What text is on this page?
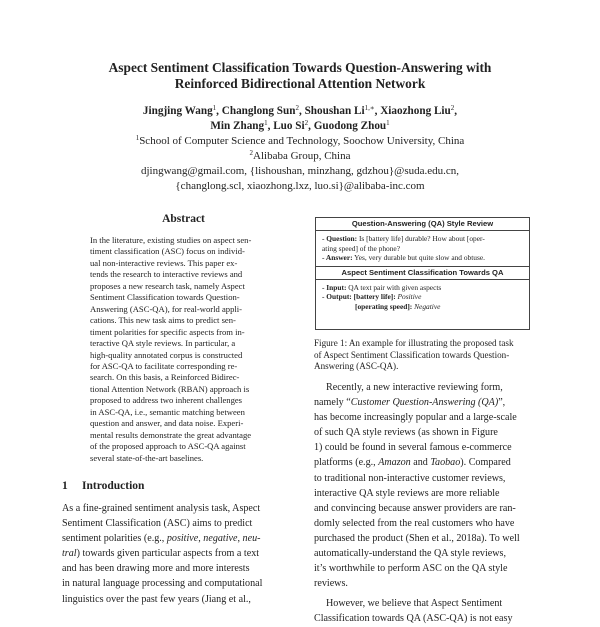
Aspect Sentiment Classification Towards Question-Answering with
Reinforced Bidirectional Attention Network
Jingjing Wang$^1$, Changlong Sun$^2$, Shoushan $Li^{1,∗}$, Xiaozhong Liu$^2$,
Min Zhang$^1$, Luo Si$^2$, Guodong Zhou$^1$
$^1$School of Computer Science and Technology, Soochow University, China
$^2$Alibaba Group, China
djingwang@gmail.com, {lishoushan, minzhang, gdzhou}@suda.edu.cn,
{changlong.scl, xiaozhong.lxz, luo.si}@alibaba-inc.com
Abstract
In the literature, existing studies on aspect sen-
timent classification (ASC) focus on individ-
ual non-interactive reviews. This paper ex-
tends the research to interactive reviews and
proposes a new research task, namely Aspect
Sentiment Classification towards Question-
Answering (ASC-QA), for real-world appli-
cations. This new task aims to predict sen-
timent polarities for specific aspects from in-
teractive QA style reviews. In particular, a
high-quality annotated corpus is constructed
for ASC-QA to facilitate corresponding re-
search. On this basis, a Reinforced Bidirec-
tional Attention Network (RBAN) approach is
proposed to address two inherent challenges
in ASC-QA, i.e., semantic matching between
question and answer, and data noise. Experi-
mental results demonstrate the great advantage
of the proposed approach to ASC-QA against
several state-of-the-art baselines.
1 Introduction
As a fine-grained sentiment analysis task, Aspect
Sentiment Classification (ASC) aims to predict
sentiment polarities (e.g., positive, negative, neu-
tral) towards given particular aspects from a text
and has been drawing more and more interests
in natural language processing and computational
linguistics over the past few years (Jiang et al.,
Question-Answering (QA) Style Review
- Question: Is [battery life] durable? How about [oper-
ating speed] of the phone?
- Answer: Yes, very durable but quite slow and obtuse.
Aspect Sentiment Classification Towards QA
- Input: QA text pair with given aspects
- Output: [battery life]: Positive
[operating speed]: Negative
Figure 1: An example for illustrating the proposed task
of Aspect Sentiment Classification towards Question-
Answering (ASC-QA).
Recently, a new interactive reviewing form,
namely “Customer Question-Answering (QA)”,
has become increasingly popular and a large-scale
of such QA style reviews (as shown in Figure
1) could be found in several famous e-commerce
platforms (e.g., Amazon and Taobao). Compared
to traditional non-interactive customer reviews,
interactive QA style reviews are more reliable
and convincing because answer providers are ran-
domly selected from the real customers who have
purchased the product (Shen et al., 2018a). To well
automatically-understand the QA style reviews,
it’s worthwhile to perform ASC on the QA style
reviews.
However, we believe that Aspect Sentiment
Classification towards QA (ASC-QA) is not easy
